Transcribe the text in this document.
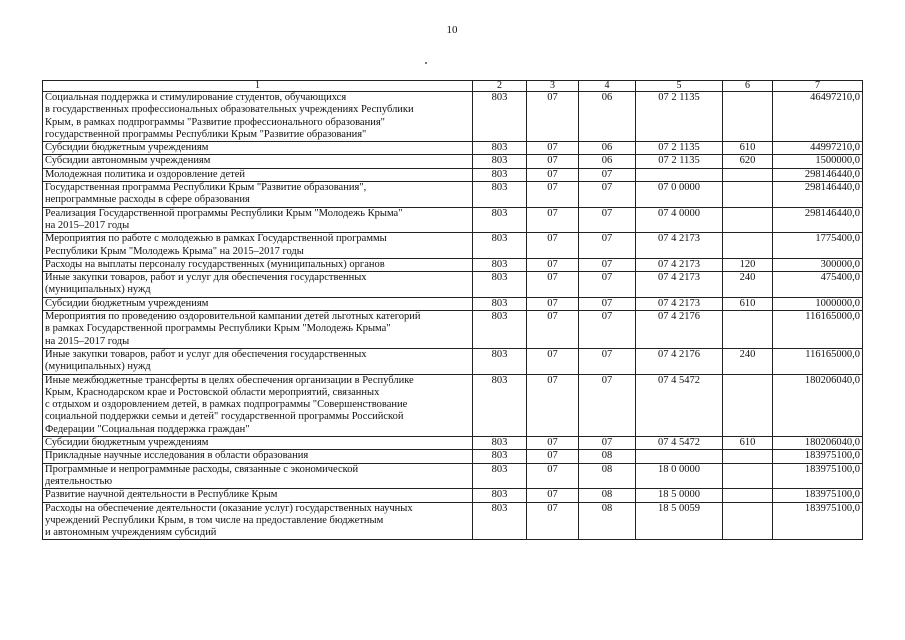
10
1	2	3	4	5	6	7

Социальная поддержка и стимулирование студентов, обучающихся
в государственных профессиональных образовательных учреждениях Республики
Крым, в рамках подпрограммы "Развитие профессионального образования"
государственной программы Республики Крым "Развитие образования"	803	07	06	07 2 1135		46497210,0

Субсидии бюджетным учреждениям	803	07	06	07 2 1135	610	44997210,0

Субсидии автономным учреждениям	803	07	06	07 2 1135	620	1500000,0

Молодежная политика и оздоровление детей	803	07	07			298146440,0

Государственная программа Республики Крым "Развитие образования",
непрограммные расходы в сфере образования	803	07	07	07 0 0000		298146440,0

Реализация Государственной программы Республики Крым "Молодежь Крыма"
на 2015–2017 годы	803	07	07	07 4 0000		298146440,0

Мероприятия по работе с молодежью в рамках Государственной программы
Республики Крым "Молодежь Крыма" на 2015–2017 годы	803	07	07	07 4 2173		1775400,0

Расходы на выплаты персоналу государственных (муниципальных) органов	803	07	07	07 4 2173	120	300000,0

Иные закупки товаров, работ и услуг для обеспечения государственных
(муниципальных) нужд	803	07	07	07 4 2173	240	475400,0

Субсидии бюджетным учреждениям	803	07	07	07 4 2173	610	1000000,0

Мероприятия по проведению оздоровительной кампании детей льготных категорий
в рамках Государственной программы Республики Крым "Молодежь Крыма"
на 2015–2017 годы	803	07	07	07 4 2176		116165000,0

Иные закупки товаров, работ и услуг для обеспечения государственных
(муниципальных) нужд	803	07	07	07 4 2176	240	116165000,0

Иные межбюджетные трансферты в целях обеспечения организации в Республике
Крым, Краснодарском крае и Ростовской области мероприятий, связанных
с отдыхом и оздоровлением детей, в рамках подпрограммы "Совершенствование
социальной поддержки семьи и детей" государственной программы Российской
Федерации "Социальная поддержка граждан"	803	07	07	07 4 5472		180206040,0

Субсидии бюджетным учреждениям	803	07	07	07 4 5472	610	180206040,0

Прикладные научные исследования в области образования	803	07	08			183975100,0

Программные и непрограммные расходы, связанные с экономической
деятельностью	803	07	08	18 0 0000		183975100,0

Развитие научной деятельности в Республике Крым	803	07	08	18 5 0000		183975100,0

Расходы на обеспечение деятельности (оказание услуг) государственных научных
учреждений Республики Крым, в том числе на предоставление бюджетным
и автономным учреждениям субсидий	803	07	08	18 5 0059		183975100,0
